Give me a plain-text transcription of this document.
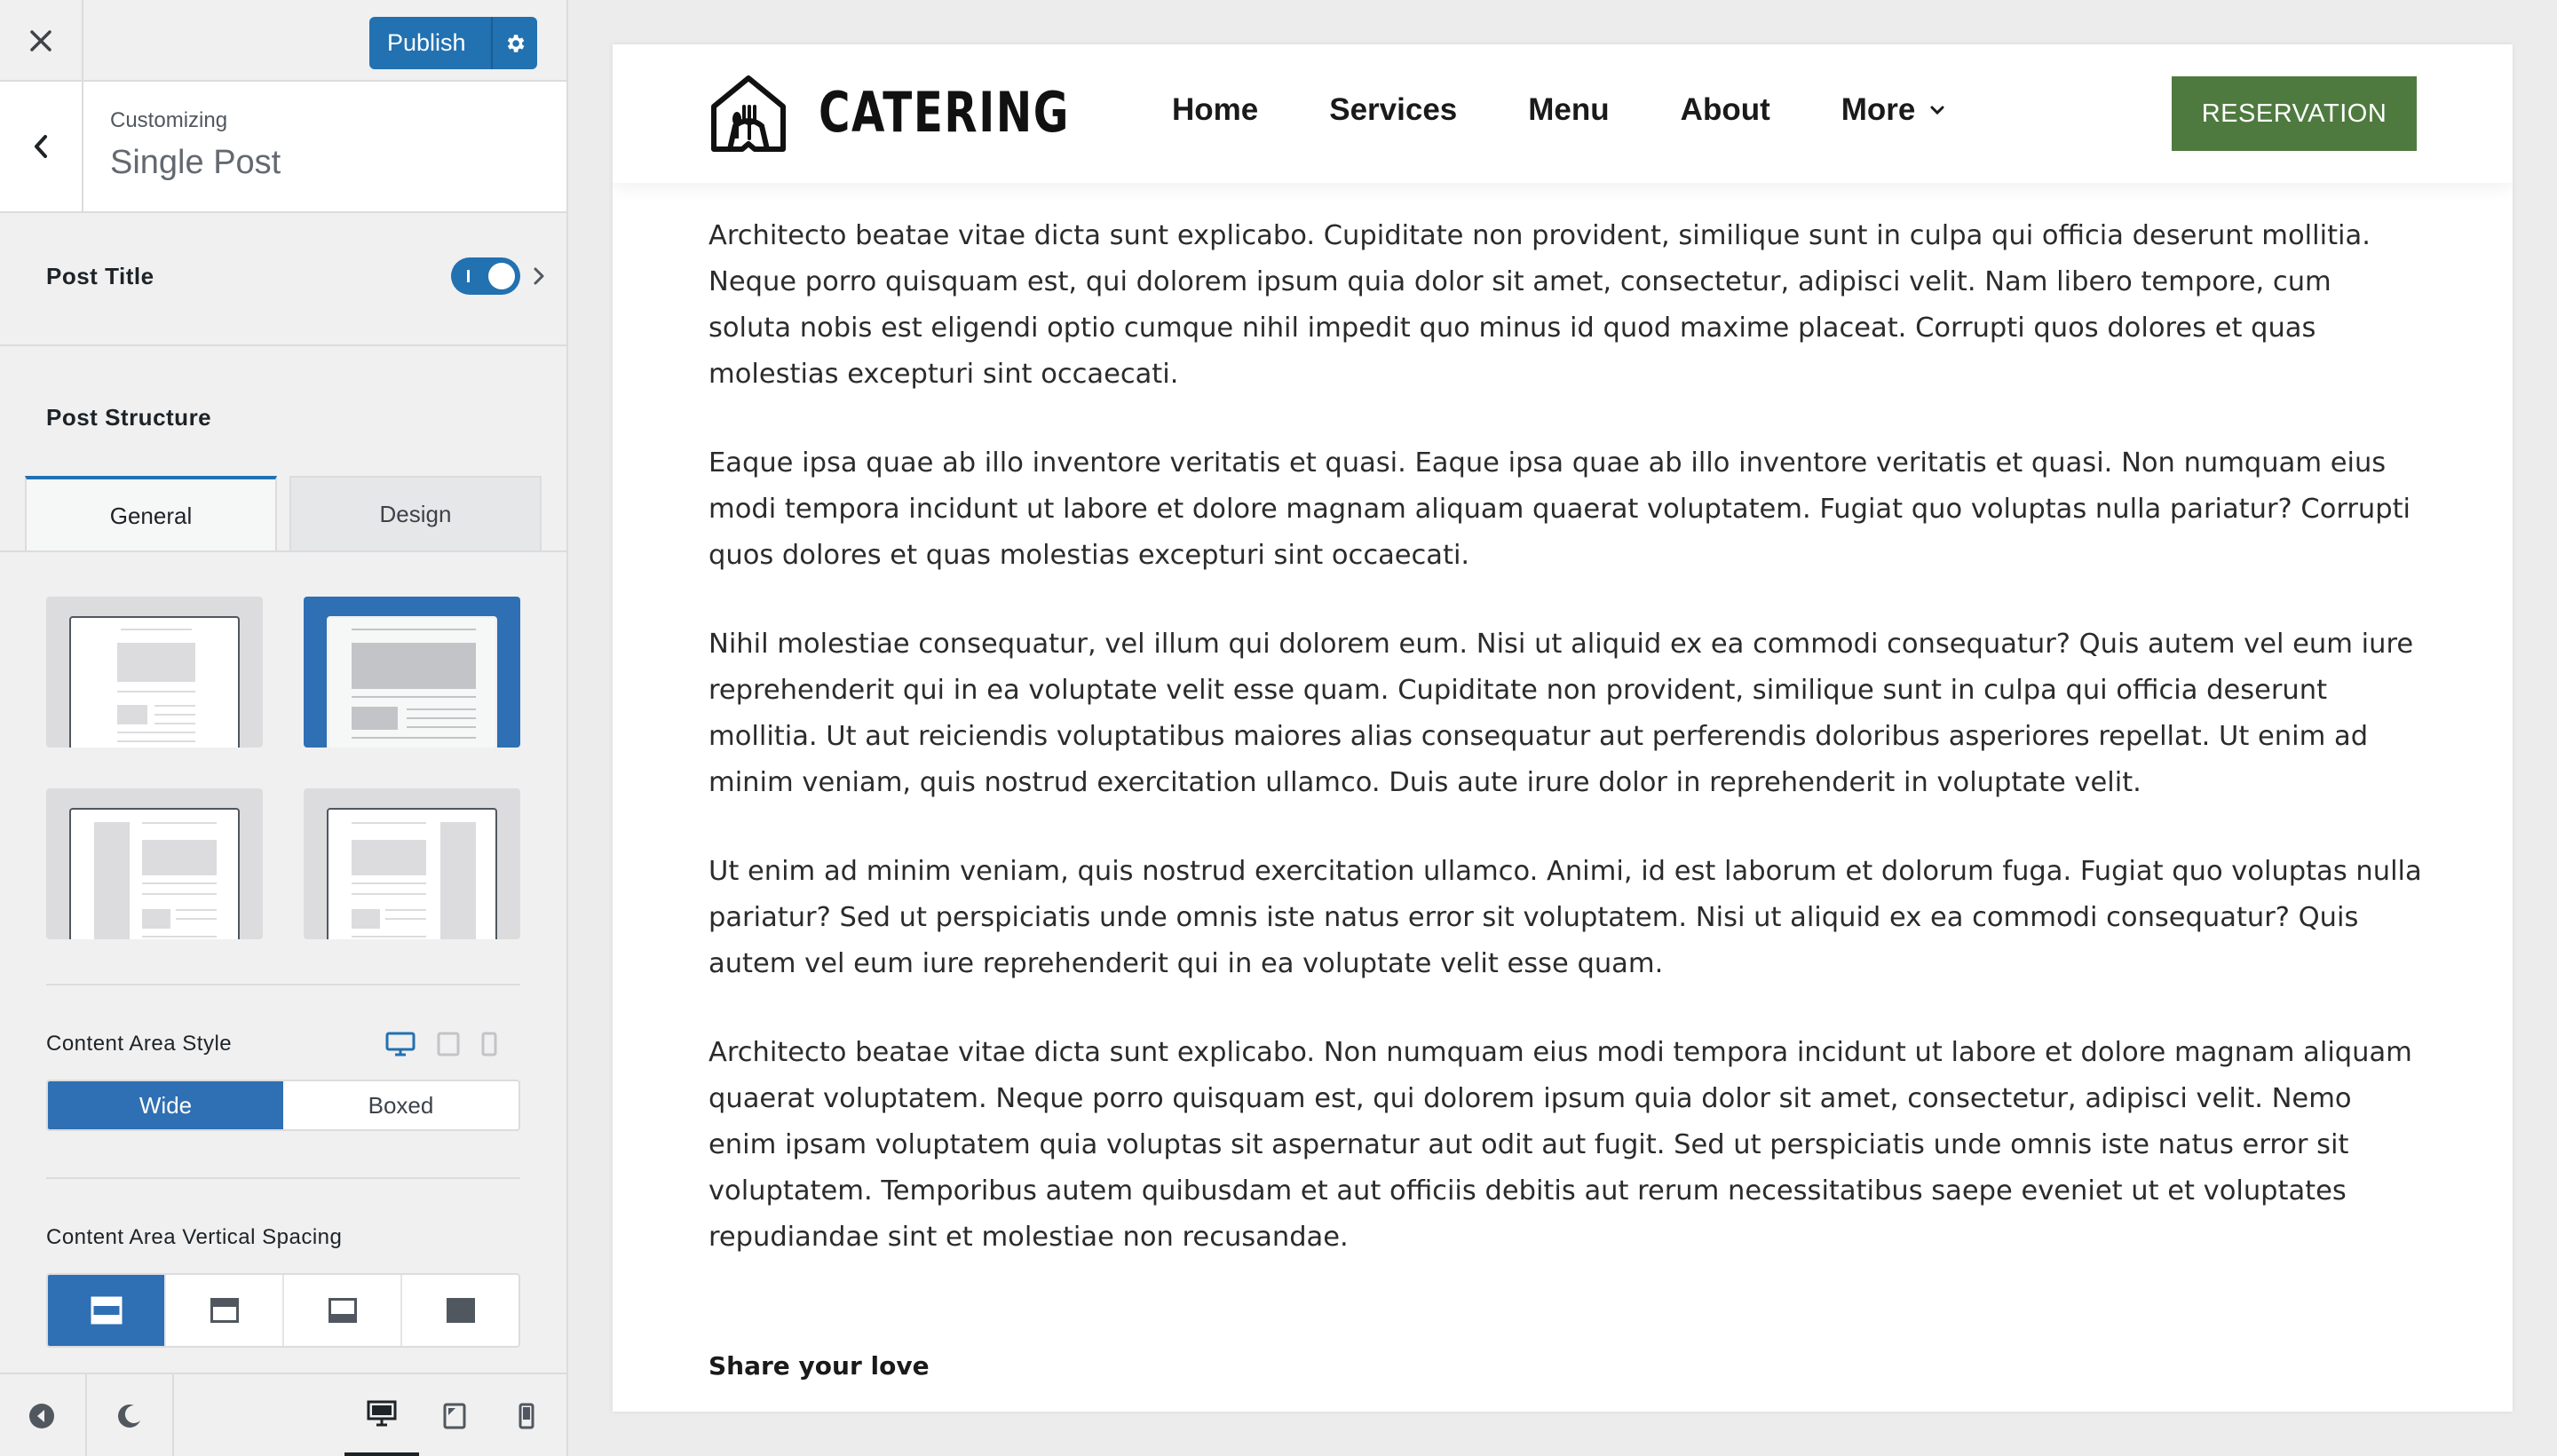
Publish
Customizing
Single Post
Post Title
Post Structure
General	Design
Content Area Style
Wide	Boxed
Content Area Vertical Spacing
CATERING	Home Services Menu About More	RESERVATION

Architecto beatae vitae dicta sunt explicabo. Cupiditate non provident, similique sunt in culpa qui officia deserunt mollitia. Neque porro quisquam est, qui dolorem ipsum quia dolor sit amet, consectetur, adipisci velit. Nam libero tempore, cum soluta nobis est eligendi optio cumque nihil impedit quo minus id quod maxime placeat. Corrupti quos dolores et quas molestias excepturi sint occaecati.

Eaque ipsa quae ab illo inventore veritatis et quasi. Eaque ipsa quae ab illo inventore veritatis et quasi. Non numquam eius modi tempora incidunt ut labore et dolore magnam aliquam quaerat voluptatem. Fugiat quo voluptas nulla pariatur? Corrupti quos dolores et quas molestias excepturi sint occaecati.

Nihil molestiae consequatur, vel illum qui dolorem eum. Nisi ut aliquid ex ea commodi consequatur? Quis autem vel eum iure reprehenderit qui in ea voluptate velit esse quam. Cupiditate non provident, similique sunt in culpa qui officia deserunt mollitia. Ut aut reiciendis voluptatibus maiores alias consequatur aut perferendis doloribus asperiores repellat. Ut enim ad minim veniam, quis nostrud exercitation ullamco. Duis aute irure dolor in reprehenderit in voluptate velit.

Ut enim ad minim veniam, quis nostrud exercitation ullamco. Animi, id est laborum et dolorum fuga. Fugiat quo voluptas nulla pariatur? Sed ut perspiciatis unde omnis iste natus error sit voluptatem. Nisi ut aliquid ex ea commodi consequatur? Quis autem vel eum iure reprehenderit qui in ea voluptate velit esse quam.

Architecto beatae vitae dicta sunt explicabo. Non numquam eius modi tempora incidunt ut labore et dolore magnam aliquam quaerat voluptatem. Neque porro quisquam est, qui dolorem ipsum quia dolor sit amet, consectetur, adipisci velit. Nemo enim ipsam voluptatem quia voluptas sit aspernatur aut odit aut fugit. Sed ut perspiciatis unde omnis iste natus error sit voluptatem. Temporibus autem quibusdam et aut officiis debitis aut rerum necessitatibus saepe eveniet ut et voluptates repudiandae sint et molestiae non recusandae.

Share your love
